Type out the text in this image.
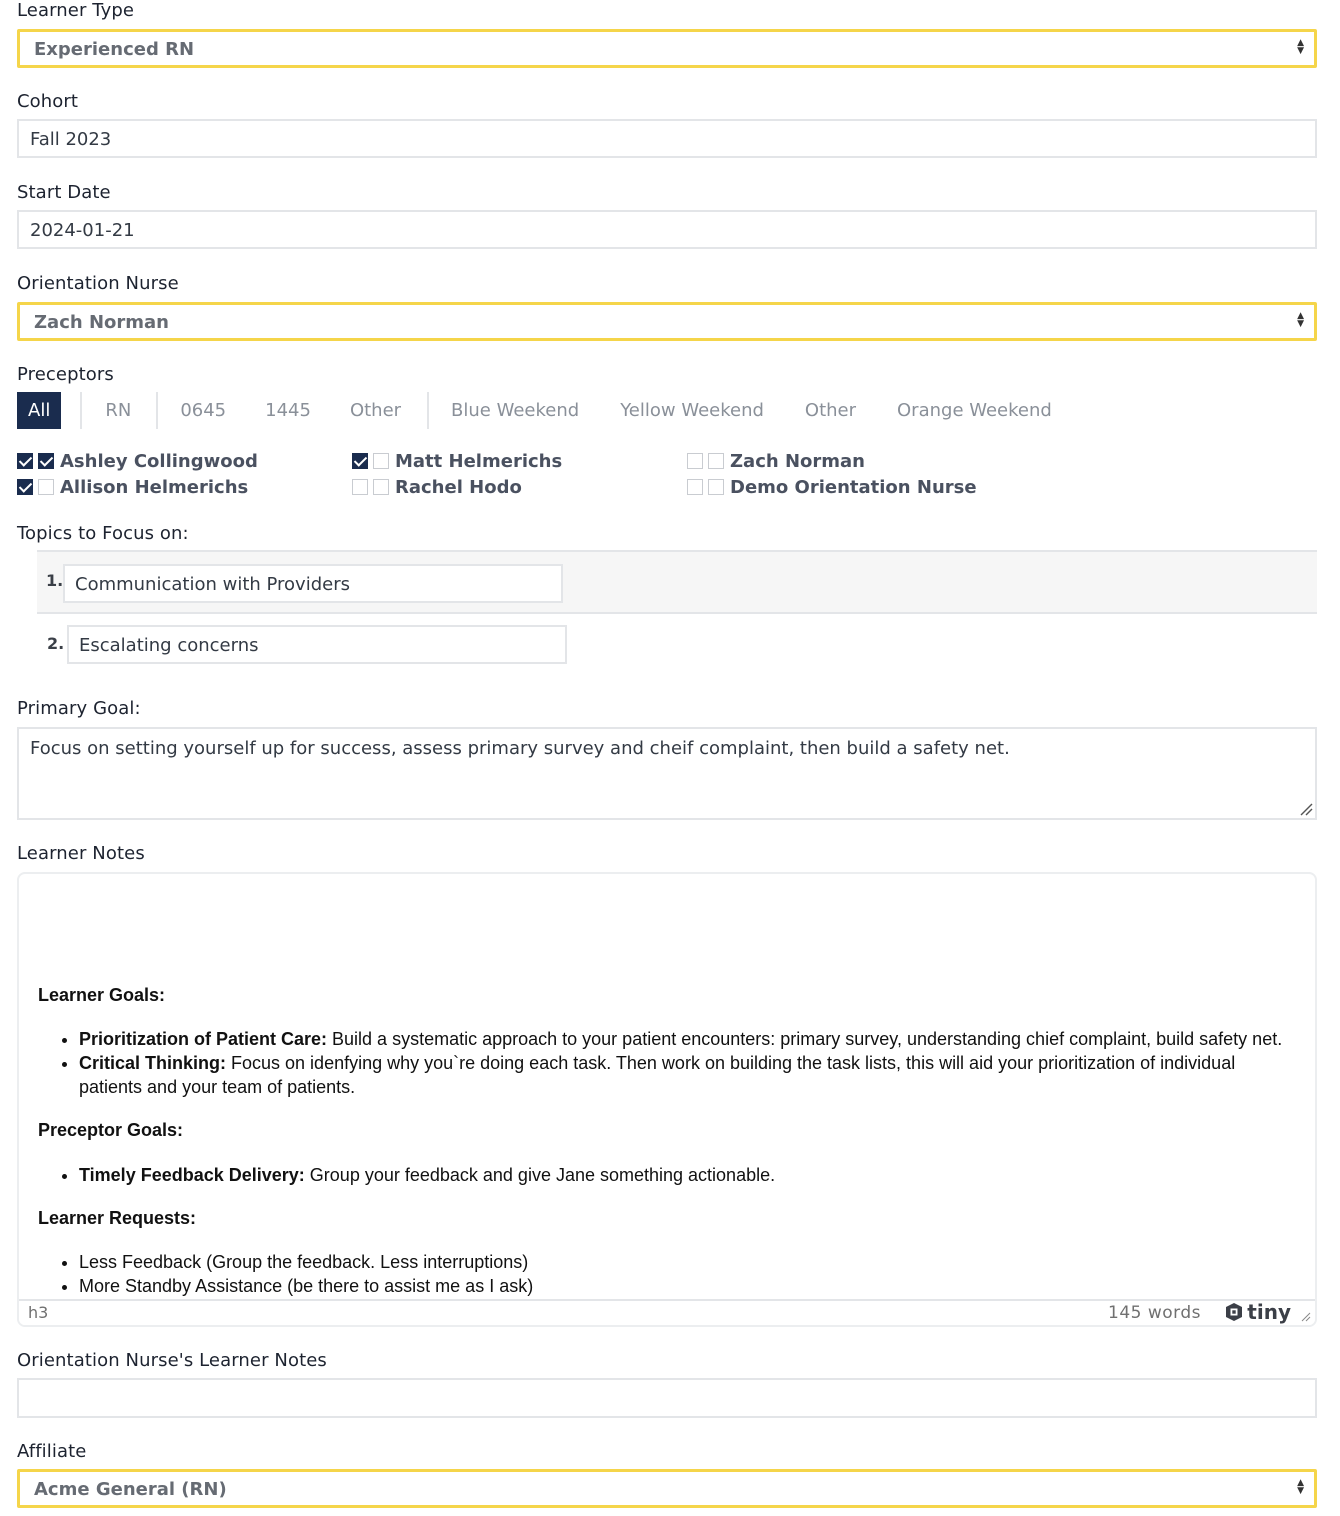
Learner Type
Experienced RN	▲
▼
Cohort
Fall 2023
Start Date
2024-01-21
Orientation Nurse
Zach Norman	▲
▼
Preceptors
All	RN	0645 1445 Other	Blue Weekend Yellow Weekend Other Orange Weekend
Ashley Collingwood	Matt Helmerichs	Zach Norman
Allison Helmerichs	Rachel Hodo	Demo Orientation Nurse
Topics to Focus on:
1. Communication with Providers
2. Escalating concerns
Primary Goal:
Focus on setting yourself up for success, assess primary survey and cheif complaint, then build a safety net.
Learner Notes
Learner Goals:
• Prioritization of Patient Care: Build a systematic approach to your patient encounters: primary survey, understanding chief complaint, build safety net.
• Critical Thinking: Focus on idenfying why you`re doing each task. Then work on building the task lists, this will aid your prioritization of individual patients and your team of patients.
Preceptor Goals:
• Timely Feedback Delivery: Group your feedback and give Jane something actionable.
Learner Requests:
• Less Feedback (Group the feedback. Less interruptions)
• More Standby Assistance (be there to assist me as I ask)
h3	145 words tiny
Orientation Nurse's Learner Notes
Affiliate
Acme General (RN)	▲
▼
